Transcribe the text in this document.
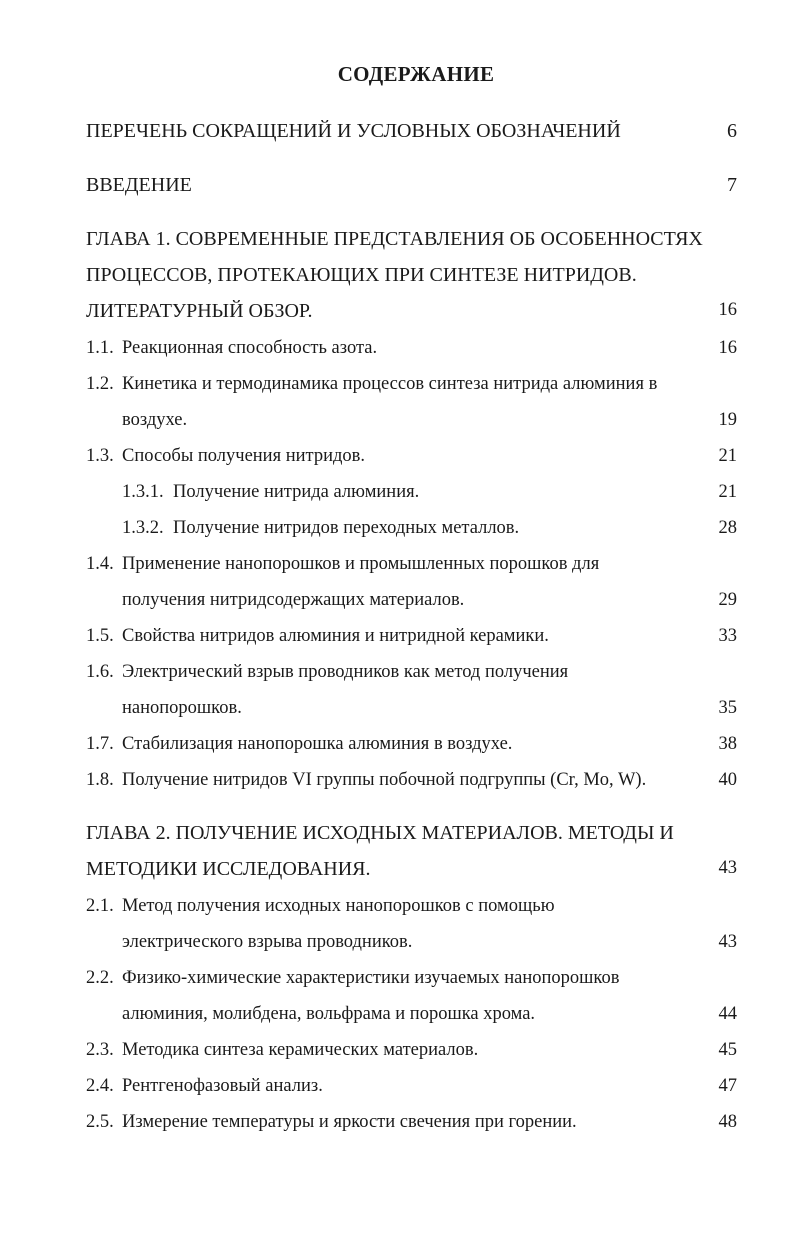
СОДЕРЖАНИЕ
ПЕРЕЧЕНЬ СОКРАЩЕНИЙ И УСЛОВНЫХ ОБОЗНАЧЕНИЙ	6
ВВЕДЕНИЕ	7
ГЛАВА 1. СОВРЕМЕННЫЕ ПРЕДСТАВЛЕНИЯ ОБ ОСОБЕННОСТЯХ
ПРОЦЕССОВ, ПРОТЕКАЮЩИХ ПРИ СИНТЕЗЕ НИТРИДОВ.
ЛИТЕРАТУРНЫЙ ОБЗОР.	16
1.1. Реакционная способность азота.	16
1.2. Кинетика и термодинамика процессов синтеза нитрида алюминия в
воздухе.	19
1.3. Способы получения нитридов.	21
1.3.1. Получение нитрида алюминия.	21
1.3.2. Получение нитридов переходных металлов.	28
1.4. Применение нанопорошков и промышленных порошков для
получения нитридсодержащих материалов.	29
1.5. Свойства нитридов алюминия и нитридной керамики.	33
1.6. Электрический взрыв проводников как метод получения
нанопорошков.	35
1.7. Стабилизация нанопорошка алюминия в воздухе.	38
1.8. Получение нитридов VI группы побочной подгруппы (Cr, Mo, W).	40
ГЛАВА 2. ПОЛУЧЕНИЕ ИСХОДНЫХ МАТЕРИАЛОВ. МЕТОДЫ И
МЕТОДИКИ ИССЛЕДОВАНИЯ.	43
2.1. Метод получения исходных нанопорошков с помощью
электрического взрыва проводников.	43
2.2. Физико-химические характеристики изучаемых нанопорошков
алюминия, молибдена, вольфрама и порошка хрома.	44
2.3. Методика синтеза керамических материалов.	45
2.4. Рентгенофазовый анализ.	47
2.5. Измерение температуры и яркости свечения при горении.	48
